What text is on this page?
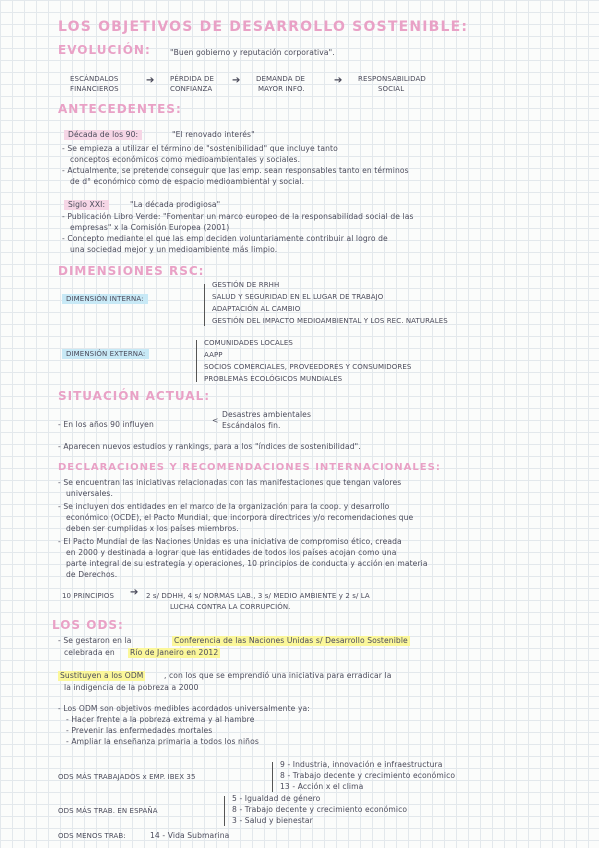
LOS OBJETIVOS DE DESARROLLO SOSTENIBLE:
EVOLUCIÓN:	"Buen gobierno y reputación corporativa".
ESCÁNDALOS
FINANCIEROS
➔ PÉRDIDA DE
CONFIANZA
➔ DEMANDA DE
MAYOR INFO.
➔ RESPONSABILIDAD
SOCIAL
ANTECEDENTES:
Década de los 90:	"El renovado interés"
- Se empieza a utilizar el término de "sostenibilidad" que incluye tanto
conceptos económicos como medioambientales y sociales.
- Actualmente, se pretende conseguir que las emp. sean responsables tanto en términos
de d° económico como de espacio medioambiental y social.
Siglo XXI:	"La década prodigiosa"
- Publicación Libro Verde: "Fomentar un marco europeo de la responsabilidad social de las
empresas" x la Comisión Europea (2001)
- Concepto mediante el que las emp deciden voluntariamente contribuir al logro de
una sociedad mejor y un medioambiente más limpio.
DIMENSIONES RSC:
DIMENSIÓN INTERNA:
GESTIÓN DE RRHH
SALUD Y SEGURIDAD EN EL LUGAR DE TRABAJO
ADAPTACIÓN AL CAMBIO
GESTIÓN DEL IMPACTO MEDIOAMBIENTAL Y LOS REC. NATURALES
DIMENSIÓN EXTERNA:
COMUNIDADES LOCALES
AAPP
SOCIOS COMERCIALES, PROVEEDORES Y CONSUMIDORES
PROBLEMAS ECOLÓGICOS MUNDIALES
SITUACIÓN ACTUAL:
- En los años 90 influyen	<
Desastres ambientales
Escándalos fin.
- Aparecen nuevos estudios y rankings, para a los "índices de sostenibilidad".
DECLARACIONES Y RECOMENDACIONES INTERNACIONALES:
- Se encuentran las iniciativas relacionadas con las manifestaciones que tengan valores
universales.
- Se incluyen dos entidades en el marco de la organización para la coop. y desarrollo
económico (OCDE), el Pacto Mundial, que incorpora directrices y/o recomendaciones que
deben ser cumplidas x los países miembros.
- El Pacto Mundial de las Naciones Unidas es una iniciativa de compromiso ético, creada
en 2000 y destinada a lograr que las entidades de todos los países acojan como una
parte integral de su estrategia y operaciones, 10 principios de conducta y acción en materia
de Derechos.
10 PRINCIPIOS ➔ 2 s/ DDHH, 4 s/ NORMAS LAB., 3 s/ MEDIO AMBIENTE y 2 s/ LA
LUCHA CONTRA LA CORRUPCIÓN.
LOS ODS:
- Se gestaron en la	Conferencia de las Naciones Unidas s/ Desarrollo Sostenible
celebrada en Río de Janeiro en 2012
Sustituyen a los ODM	, con los que se emprendió una iniciativa para erradicar la
la indigencia de la pobreza a 2000
- Los ODM son objetivos medibles acordados universalmente ya:
- Hacer frente a la pobreza extrema y al hambre
- Prevenir las enfermedades mortales
- Ampliar la enseñanza primaria a todos los niños
ODS MÁS TRABAJADOS x EMP. IBEX 35
9 - Industria, innovación e infraestructura
8 - Trabajo decente y crecimiento económico
13 - Acción x el clima
ODS MÁS TRAB. EN ESPAÑA
5 - Igualdad de género
8 - Trabajo decente y crecimiento económico
3 - Salud y bienestar
ODS MENOS TRAB:	14 - Vida Submarina
